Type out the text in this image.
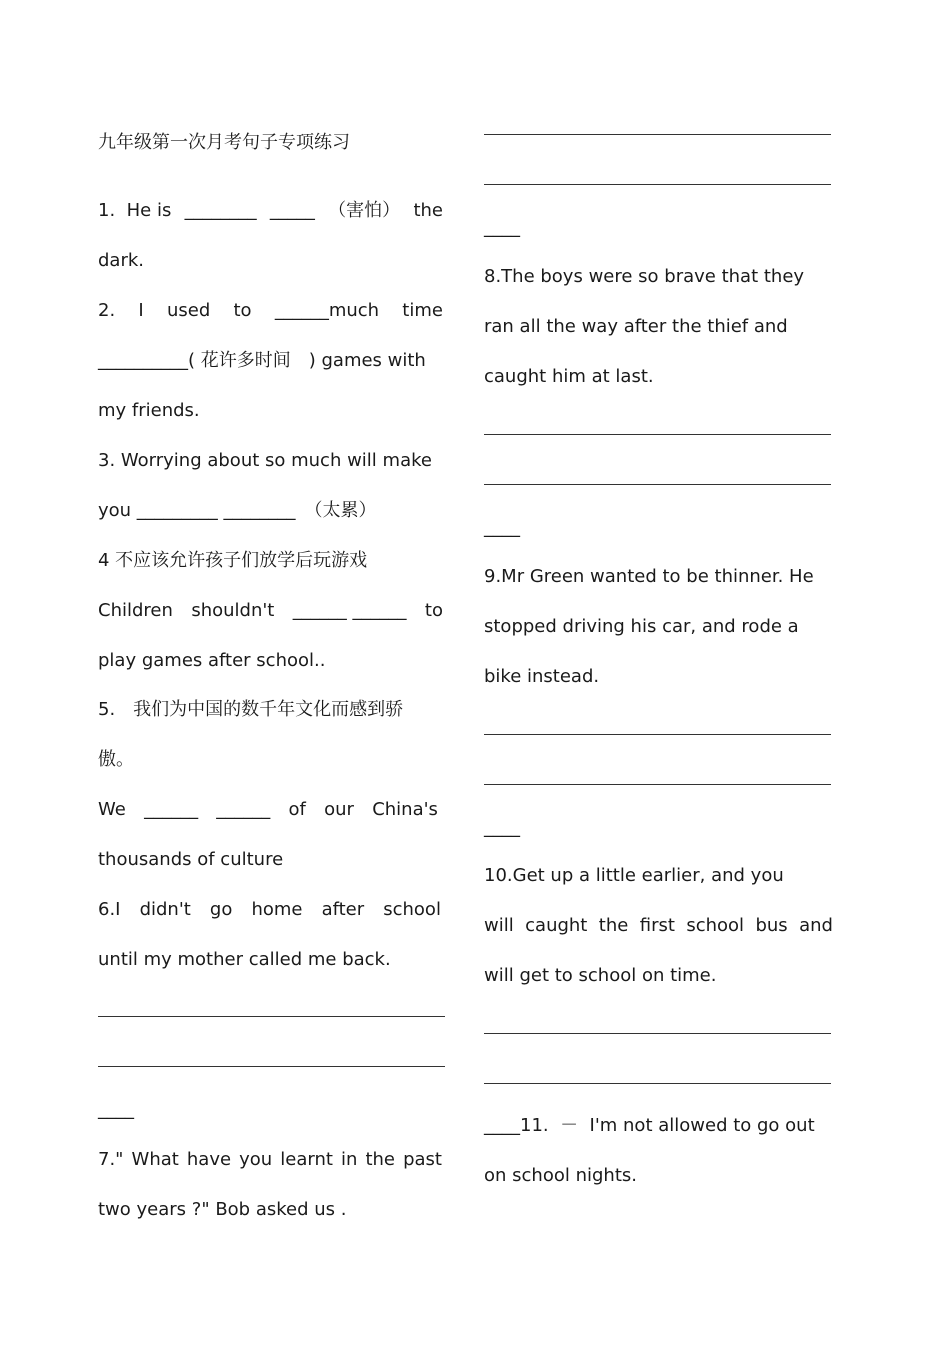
九年级第一次月考句子专项练习
1.  He is ________ _____ （害怕） the
dark.
2. I used to ______much time
__________( 花许多时间　) games with
my friends.
3. Worrying about so much will make
you _________ ________　（太累）
4 不应该允许孩子们放学后玩游戏
Children shouldn't ______ ______ to
play games after school..
5.　我们为中国的数千年文化而感到骄
傲。
We ______ ______ of our China's
thousands of culture
6.I didn't go home after school
until my mother called me back.
____
7." What have you learnt in the past
two years ?" Bob asked us .
____
8.The boys were so brave that they
ran all the way after the thief and
caught him at last.
____
9.Mr Green wanted to be thinner. He
stopped driving his car, and rode a
bike instead.
____
10.Get up a little earlier, and you
will caught the first school bus and
will get to school on time.
____11.  －  I'm not allowed to go out
on school nights.
